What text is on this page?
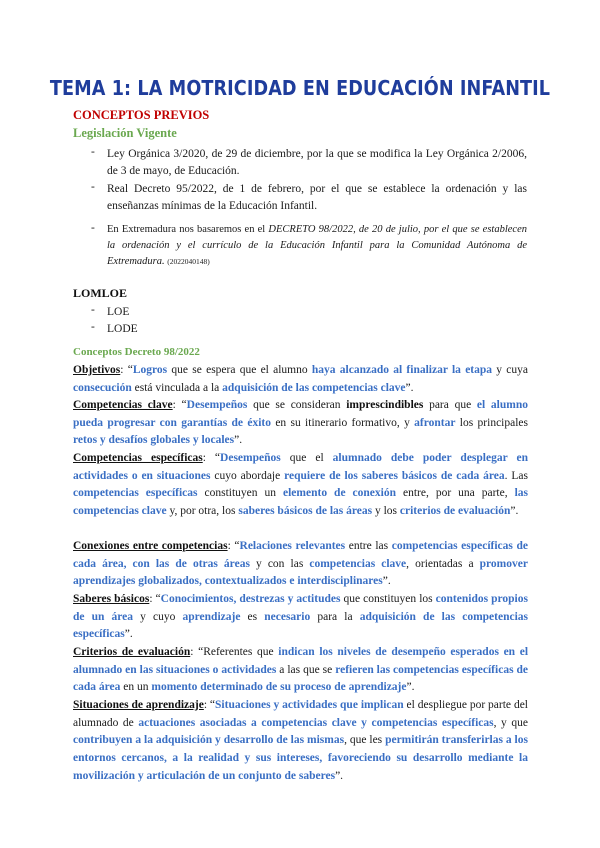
TEMA 1: LA MOTRICIDAD EN EDUCACIÓN INFANTIL
CONCEPTOS PREVIOS
Legislación Vigente
- Ley Orgánica 3/2020, de 29 de diciembre, por la que se modifica la Ley Orgánica 2/2006, de 3 de mayo, de Educación.
- Real Decreto 95/2022, de 1 de febrero, por el que se establece la ordenación y las enseñanzas mínimas de la Educación Infantil.
- En Extremadura nos basaremos en el DECRETO 98/2022, de 20 de julio, por el que se establecen la ordenación y el currículo de la Educación Infantil para la Comunidad Autónoma de Extremadura. (2022040148)
LOMLOE
- LOE
- LODE
Conceptos Decreto 98/2022
Objetivos: “Logros que se espera que el alumno haya alcanzado al finalizar la etapa y cuya consecución está vinculada a la adquisición de las competencias clave”.
Competencias clave: “Desempeños que se consideran imprescindibles para que el alumno pueda progresar con garantías de éxito en su itinerario formativo, y afrontar los principales retos y desafíos globales y locales”.
Competencias específicas: “Desempeños que el alumnado debe poder desplegar en actividades o en situaciones cuyo abordaje requiere de los saberes básicos de cada área. Las competencias específicas constituyen un elemento de conexión entre, por una parte, las competencias clave y, por otra, los saberes básicos de las áreas y los criterios de evaluación”.
Conexiones entre competencias: “Relaciones relevantes entre las competencias específicas de cada área, con las de otras áreas y con las competencias clave, orientadas a promover aprendizajes globalizados, contextualizados e interdisciplinares”.
Saberes básicos: “Conocimientos, destrezas y actitudes que constituyen los contenidos propios de un área y cuyo aprendizaje es necesario para la adquisición de las competencias específicas”.
Criterios de evaluación: “Referentes que indican los niveles de desempeño esperados en el alumnado en las situaciones o actividades a las que se refieren las competencias específicas de cada área en un momento determinado de su proceso de aprendizaje”.
Situaciones de aprendizaje: “Situaciones y actividades que implican el despliegue por parte del alumnado de actuaciones asociadas a competencias clave y competencias específicas, y que contribuyen a la adquisición y desarrollo de las mismas, que les permitirán transferirlas a los entornos cercanos, a la realidad y sus intereses, favoreciendo su desarrollo mediante la movilización y articulación de un conjunto de saberes”.
